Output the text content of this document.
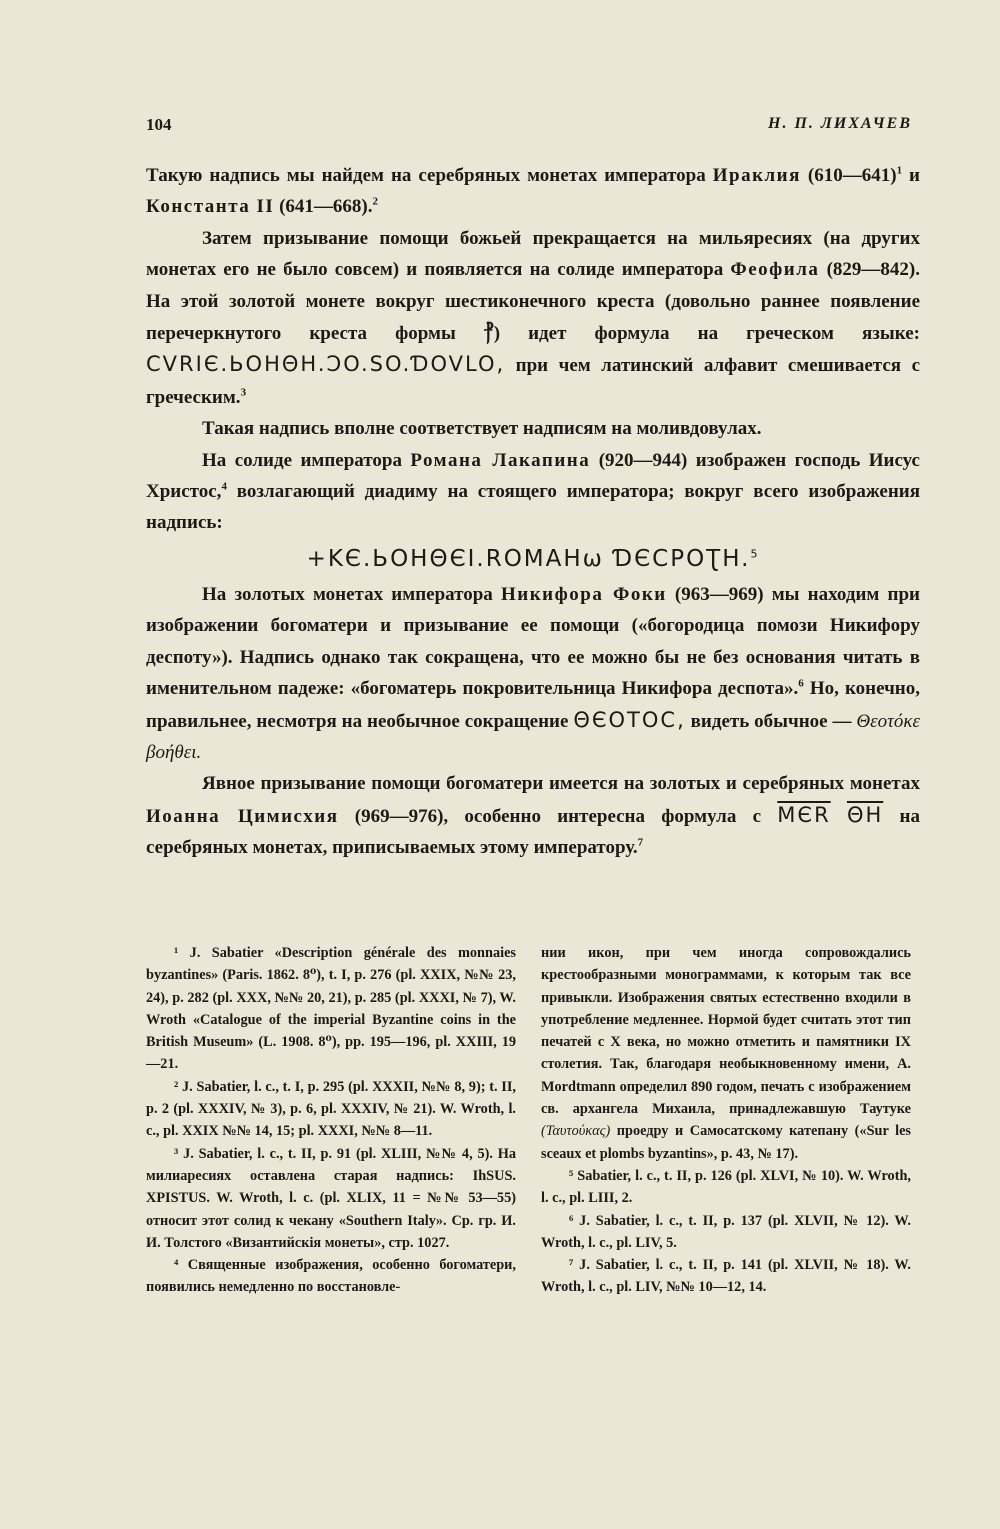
104	Н. П. ЛИХАЧЕВ

Такую надпись мы найдем на серебряных монетах императора Ираклия (610—641)$^1$ и Константа II (641—668).$^2$

Затем призывание помощи божьей прекращается на мильяресиях (на других монетах его не было совсем) и появляется на солиде императора Феофила (829—842). На этой золотой монете вокруг шестиконечного креста (довольно раннее появление перечеркнутого креста формы ⳨) идет формула на греческом языке: CVRIЄ.ЬOHΘH.ƆO.SO.ƊOVLO, при чем латинский алфавит смешивается с греческим.$^3$

Такая надпись вполне соответствует надписям на моливдовулах.

На солиде императора Романа Лакапина (920—944) изображен господь Иисус Христос,$^4$ возлагающий диадиму на стоящего императора; вокруг всего изображения надпись:

+KЄ.ЬOHΘЄI.ROMAHω ƊЄCPOƮH.$^5$

На золотых монетах императора Никифора Фоки (963—969) мы находим при изображении богоматери и призывание ее помощи («богородица помози Никифору деспоту»). Надпись однако так сокращена, что ее можно бы не без основания читать в именительном падеже: «богоматерь покровительница Никифора деспота».$^6$ Но, конечно, правильнее, несмотря на необычное сокращение ΘЄOTOC, видеть обычное — Θεοτόκε βοήθει.

Явное призывание помощи богоматери имеется на золотых и серебряных монетах Иоанна Цимисхия (969—976), особенно интересна формула с MЄR $\overline{\Theta H}$ на серебряных монетах, приписываемых этому императору.$^7$

¹ J. Sabatier «Description générale des monnaies byzantines» (Paris. 1862. 8⁰), t. I, p. 276 (pl. XXIX, №№ 23, 24), p. 282 (pl. XXX, №№ 20, 21), p. 285 (pl. XXXI, № 7), W. Wroth «Catalogue of the imperial Byzantine coins in the British Museum» (L. 1908. 8⁰), pp. 195—196, pl. XXIII, 19—21.

² J. Sabatier, l. c., t. I, p. 295 (pl. XXXII, №№ 8, 9); t. II, p. 2 (pl. XXXIV, № 3), p. 6, pl. XXXIV, № 21). W. Wroth, l. c., pl. XXIX №№ 14, 15; pl. XXXI, №№ 8—11.

³ J. Sabatier, l. c., t. II, p. 91 (pl. XLIII, №№ 4, 5). На милиаресиях оставлена старая надпись: IhSUS. XPISTUS. W. Wroth, l. c. (pl. XLIX, 11 = №№ 53—55) относит этот солид к чекану «Southern Italy». Ср. гр. И. И. Толстого «Византийскія монеты», стр. 1027.

⁴ Священные изображения, особенно богоматери, появились немедленно по восстановле-

нии икон, при чем иногда сопровождались крестообразными монограммами, к которым так все привыкли. Изображения святых естественно входили в употребление медленнее. Нормой будет считать этот тип печатей с X века, но можно отметить и памятники IX столетия. Так, благодаря необыкновенному имени, A. Mordtmann определил 890 годом, печать с изображением св. архангела Михаила, принадлежавшую Таутуке (Ταυτούκας) проедру и Самосатскому катепану («Sur les sceaux et plombs byzantins», p. 43, № 17).

⁵ Sabatier, l. c., t. II, p. 126 (pl. XLVI, № 10). W. Wroth, l. c., pl. LIII, 2.

⁶ J. Sabatier, l. c., t. II, p. 137 (pl. XLVII, № 12). W. Wroth, l. c., pl. LIV, 5.

⁷ J. Sabatier, l. c., t. II, p. 141 (pl. XLVII, № 18). W. Wroth, l. c., pl. LIV, №№ 10—12, 14.
